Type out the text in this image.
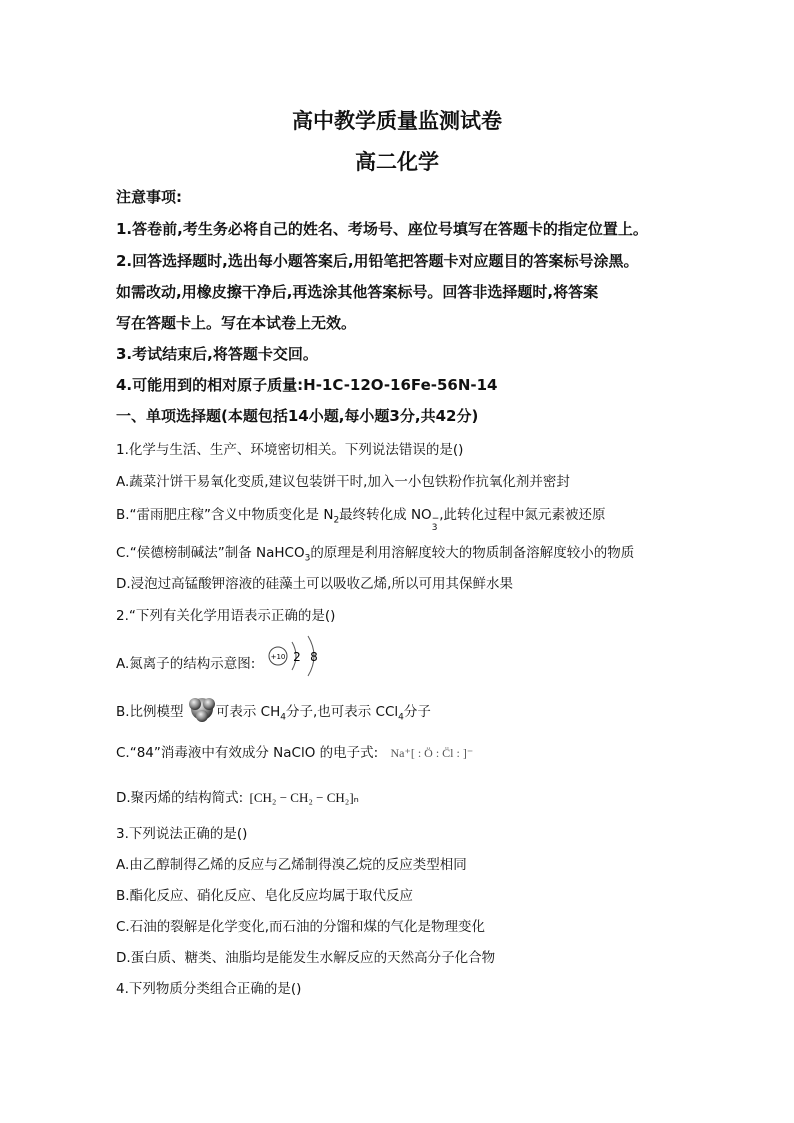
高中教学质量监测试卷
高二化学
注意事项:
1.答卷前,考生务必将自己的姓名、考场号、座位号填写在答题卡的指定位置上。
2.回答选择题时,选出每小题答案后,用铅笔把答题卡对应题目的答案标号涂黑。
如需改动,用橡皮擦干净后,再选涂其他答案标号。回答非选择题时,将答案
写在答题卡上。写在本试卷上无效。
3.考试结束后,将答题卡交回。
4.可能用到的相对原子质量:H-1C-12O-16Fe-56N-14
一、单项选择题(本题包括14小题,每小题3分,共42分)
1.化学与生活、生产、环境密切相关。下列说法错误的是()
A.蔬菜汁饼干易氧化变质,建议包装饼干时,加入一小包铁粉作抗氧化剂并密封
B.“雷雨肥庄稼”含义中物质变化是 $N_2$最终转化成 NO −
3
,此转化过程中氮元素被还原
C.“侯德榜制碱法”制备 NaHCO$_3$的原理是利用溶解度较大的物质制备溶解度较小的物质
D.浸泡过高锰酸钾溶液的硅藻土可以吸收乙烯,所以可用其保鲜水果
2.“下列有关化学用语表示正确的是()
A.氮离子的结构示意图: +10 2 8
B.比例模型 可表示 $CH_4$分子,也可表示 CCl$_4$分子
C.“84”消毒液中有效成分 NaClO 的电子式: Na⁺[ : Ö : C̈l : ]⁻
D.聚丙烯的结构简式: [CH₂ − CH₂ − CH₂]ₙ
3.下列说法正确的是()
A.由乙醇制得乙烯的反应与乙烯制得溴乙烷的反应类型相同
B.酯化反应、硝化反应、皂化反应均属于取代反应
C.石油的裂解是化学变化,而石油的分馏和煤的气化是物理变化
D.蛋白质、糖类、油脂均是能发生水解反应的天然高分子化合物
4.下列物质分类组合正确的是()
